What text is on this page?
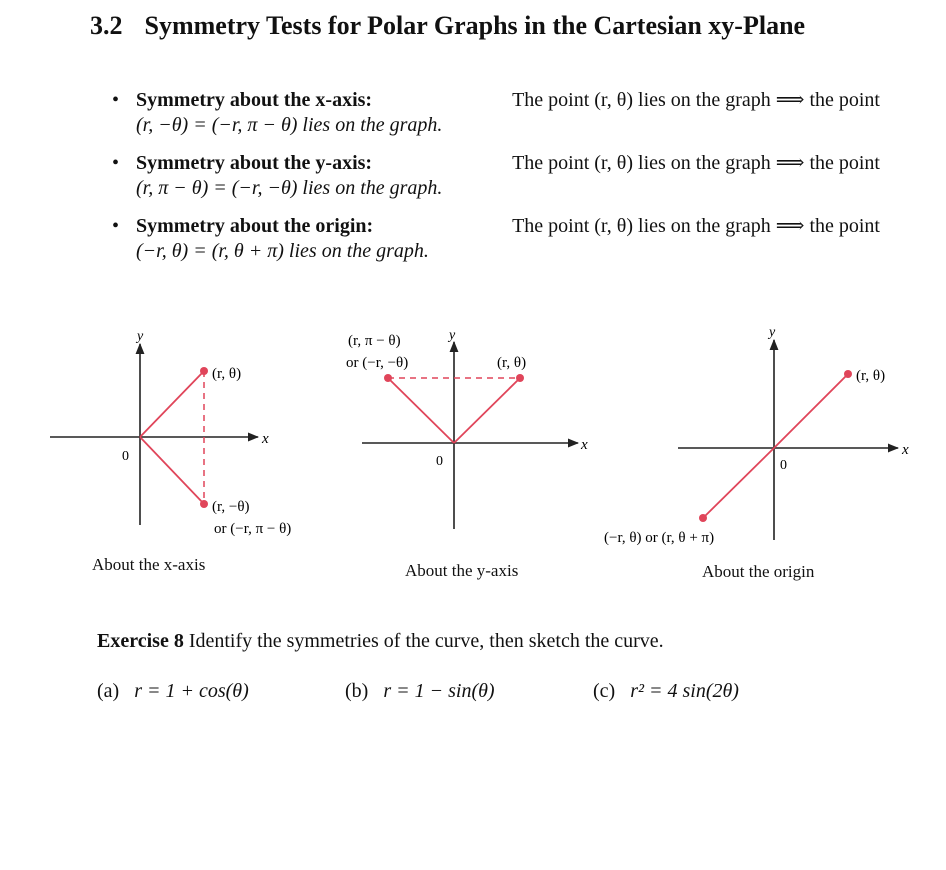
3.2 Symmetry Tests for Polar Graphs in the Cartesian xy-Plane
• Symmetry about the x-axis:	The point (r, θ) lies on the graph ⟹ the point
(r, −θ) = (−r, π − θ) lies on the graph.
• Symmetry about the y-axis:	The point (r, θ) lies on the graph ⟹ the point
(r, π − θ) = (−r, −θ) lies on the graph.
• Symmetry about the origin:	The point (r, θ) lies on the graph ⟹ the point
(−r, θ) = (r, θ + π) lies on the graph.
y
x
0
(r, θ)
(r, −θ)
or (−r, π − θ)
y
x
0
(r, θ)
(r, π − θ)
or (−r, −θ)
y
x
0
(r, θ)
(−r, θ) or (r, θ + π)
About the x-axis	About the y-axis	About the origin
Exercise 8 Identify the symmetries of the curve, then sketch the curve.
(a) r = 1 + cos(θ)	(b) r = 1 − sin(θ)	(c) r² = 4 sin(2θ)
